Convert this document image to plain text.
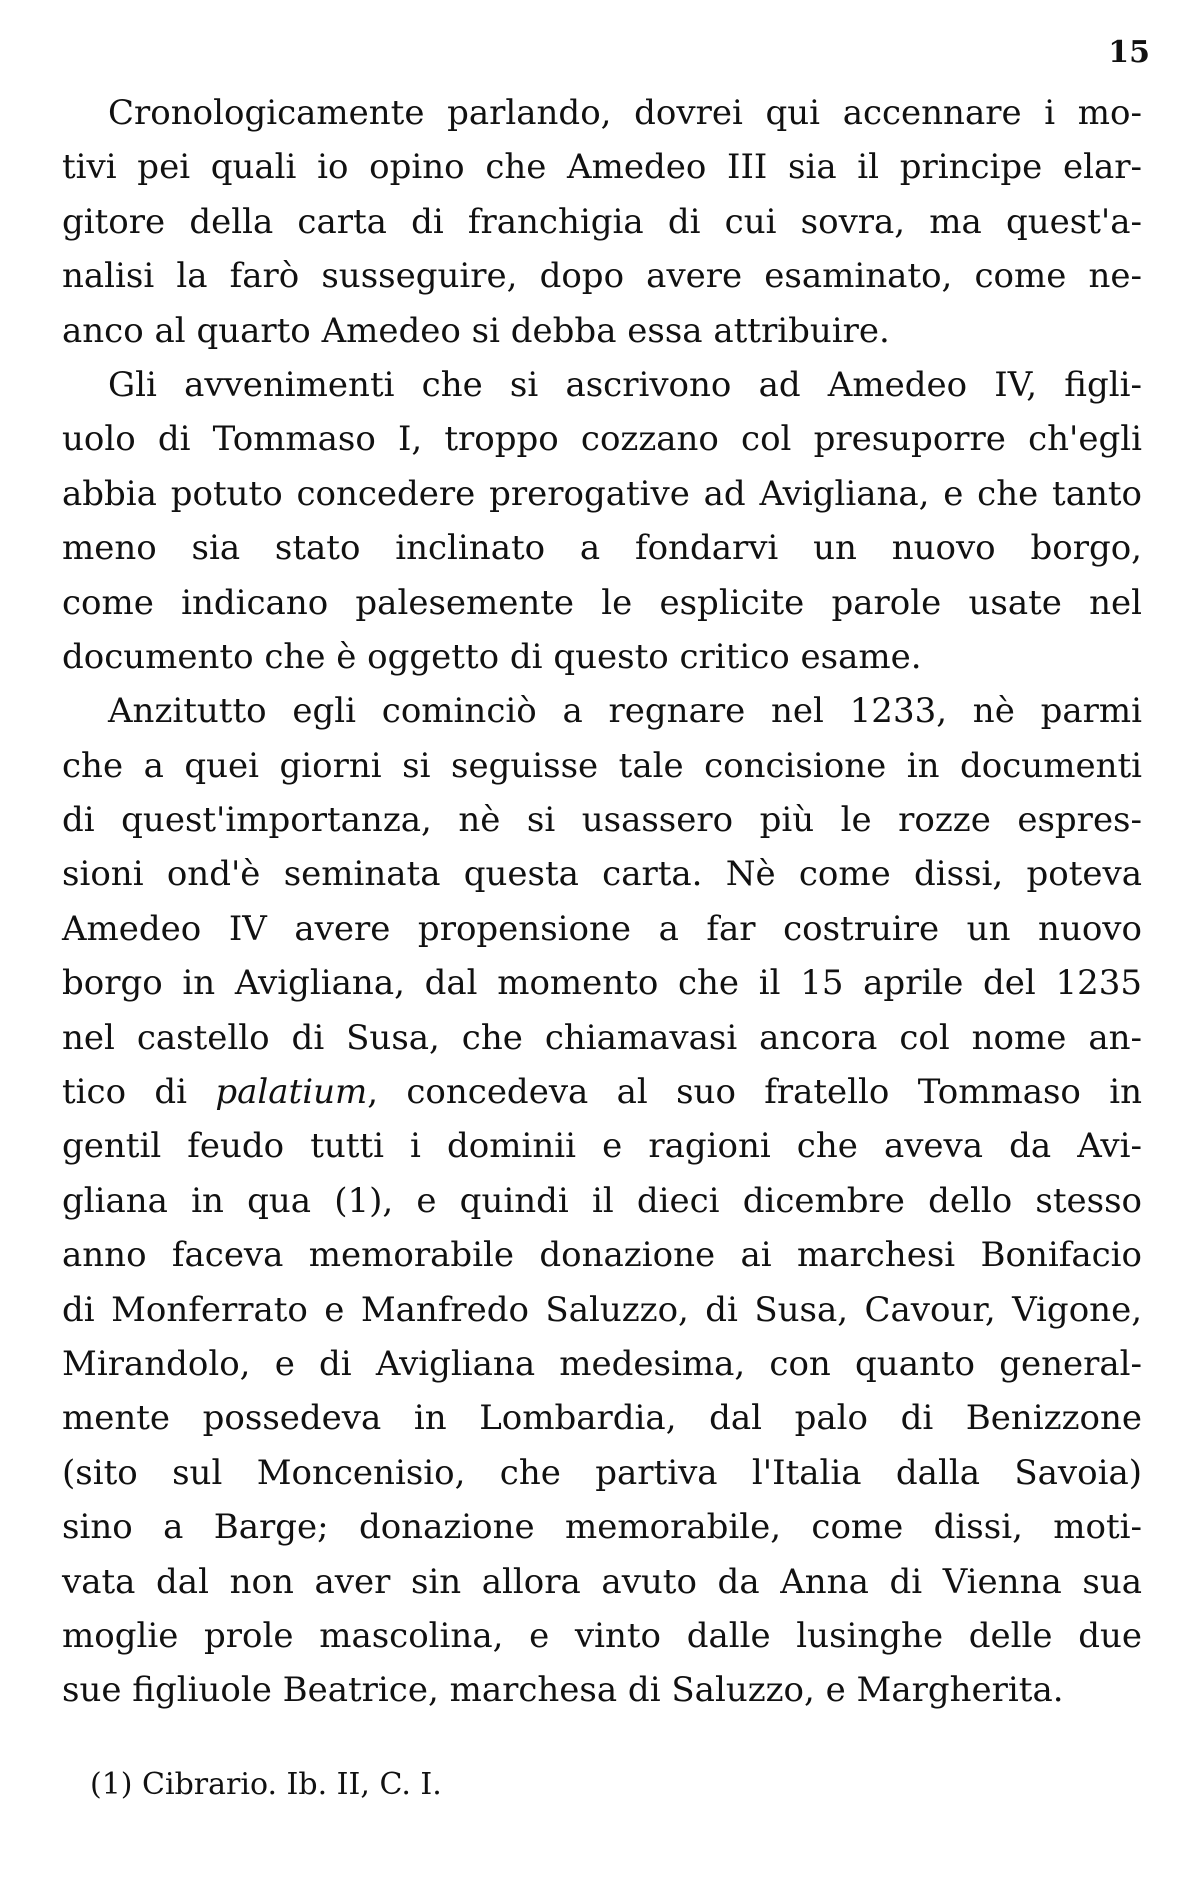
15
Cronologicamente parlando, dovrei qui accennare i mo-
tivi pei quali io opino che Amedeo III sia il principe elar-
gitore della carta di franchigia di cui sovra, ma quest'a-
nalisi la farò susseguire, dopo avere esaminato, come ne-
anco al quarto Amedeo si debba essa attribuire.
Gli avvenimenti che si ascrivono ad Amedeo IV, figli-
uolo di Tommaso I, troppo cozzano col presuporre ch'egli
abbia potuto concedere prerogative ad Avigliana, e che tanto
meno sia stato inclinato a fondarvi un nuovo borgo,
come indicano palesemente le esplicite parole usate nel
documento che è oggetto di questo critico esame.
Anzitutto egli cominciò a regnare nel 1233, nè parmi
che a quei giorni si seguisse tale concisione in documenti
di quest'importanza, nè si usassero più le rozze espres-
sioni ond'è seminata questa carta. Nè come dissi, poteva
Amedeo IV avere propensione a far costruire un nuovo
borgo in Avigliana, dal momento che il 15 aprile del 1235
nel castello di Susa, che chiamavasi ancora col nome an-
tico di palatium, concedeva al suo fratello Tommaso in
gentil feudo tutti i dominii e ragioni che aveva da Avi-
gliana in qua (1), e quindi il dieci dicembre dello stesso
anno faceva memorabile donazione ai marchesi Bonifacio
di Monferrato e Manfredo Saluzzo, di Susa, Cavour, Vigone,
Mirandolo, e di Avigliana medesima, con quanto general-
mente possedeva in Lombardia, dal palo di Benizzone
(sito sul Moncenisio, che partiva l'Italia dalla Savoia)
sino a Barge; donazione memorabile, come dissi, moti-
vata dal non aver sin allora avuto da Anna di Vienna sua
moglie prole mascolina, e vinto dalle lusinghe delle due
sue figliuole Beatrice, marchesa di Saluzzo, e Margherita.
(1) Cibrario. Ib. II, C. I.
